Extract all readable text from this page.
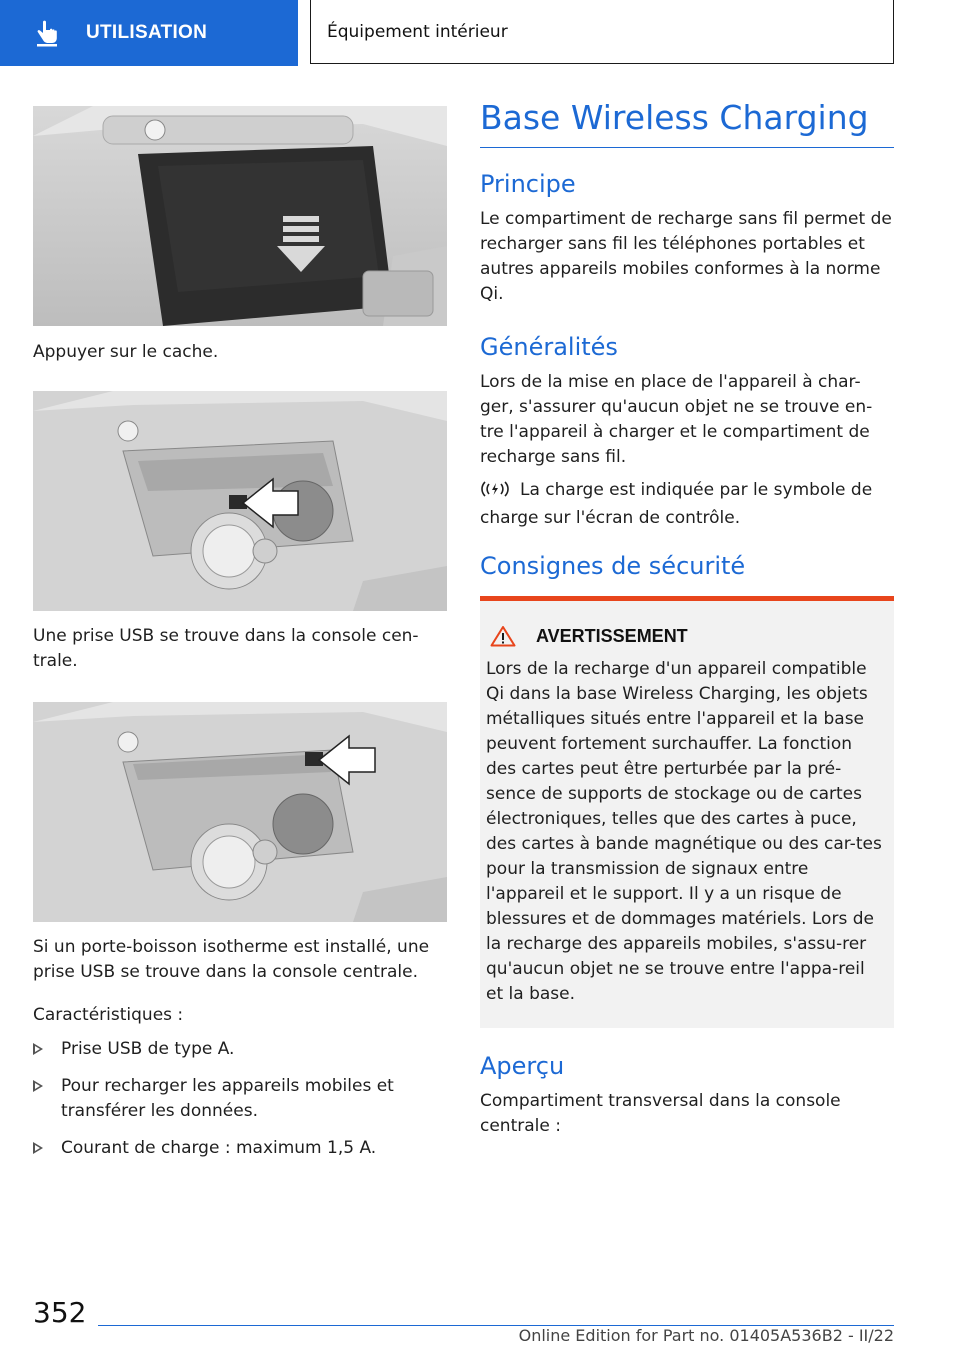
UTILISATION	Équipement intérieur
Appuyer sur le cache.
Une prise USB se trouve dans la console cen-trale.
Si un porte-boisson isotherme est installé, une prise USB se trouve dans la console centrale.
Caractéristiques :
Prise USB de type A.
Pour recharger les appareils mobiles et transférer les données.
Courant de charge : maximum 1,5 A.
Base Wireless Charging
Principe
Le compartiment de recharge sans fil permet de recharger sans fil les téléphones portables et autres appareils mobiles conformes à la norme Qi.
Généralités
Lors de la mise en place de l'appareil à char-ger, s'assurer qu'aucun objet ne se trouve en-tre l'appareil à charger et le compartiment de recharge sans fil.
La charge est indiquée par le symbole de charge sur l'écran de contrôle.
Consignes de sécurité
AVERTISSEMENT
Lors de la recharge d'un appareil compatible Qi dans la base Wireless Charging, les objets métalliques situés entre l'appareil et la base peuvent fortement surchauffer. La fonction des cartes peut être perturbée par la pré-sence de supports de stockage ou de cartes électroniques, telles que des cartes à puce, des cartes à bande magnétique ou des car-tes pour la transmission de signaux entre l'appareil et le support. Il y a un risque de blessures et de dommages matériels. Lors de la recharge des appareils mobiles, s'assu-rer qu'aucun objet ne se trouve entre l'appa-reil et la base.
Aperçu
Compartiment transversal dans la console centrale :
352
Online Edition for Part no. 01405A536B2 - II/22
